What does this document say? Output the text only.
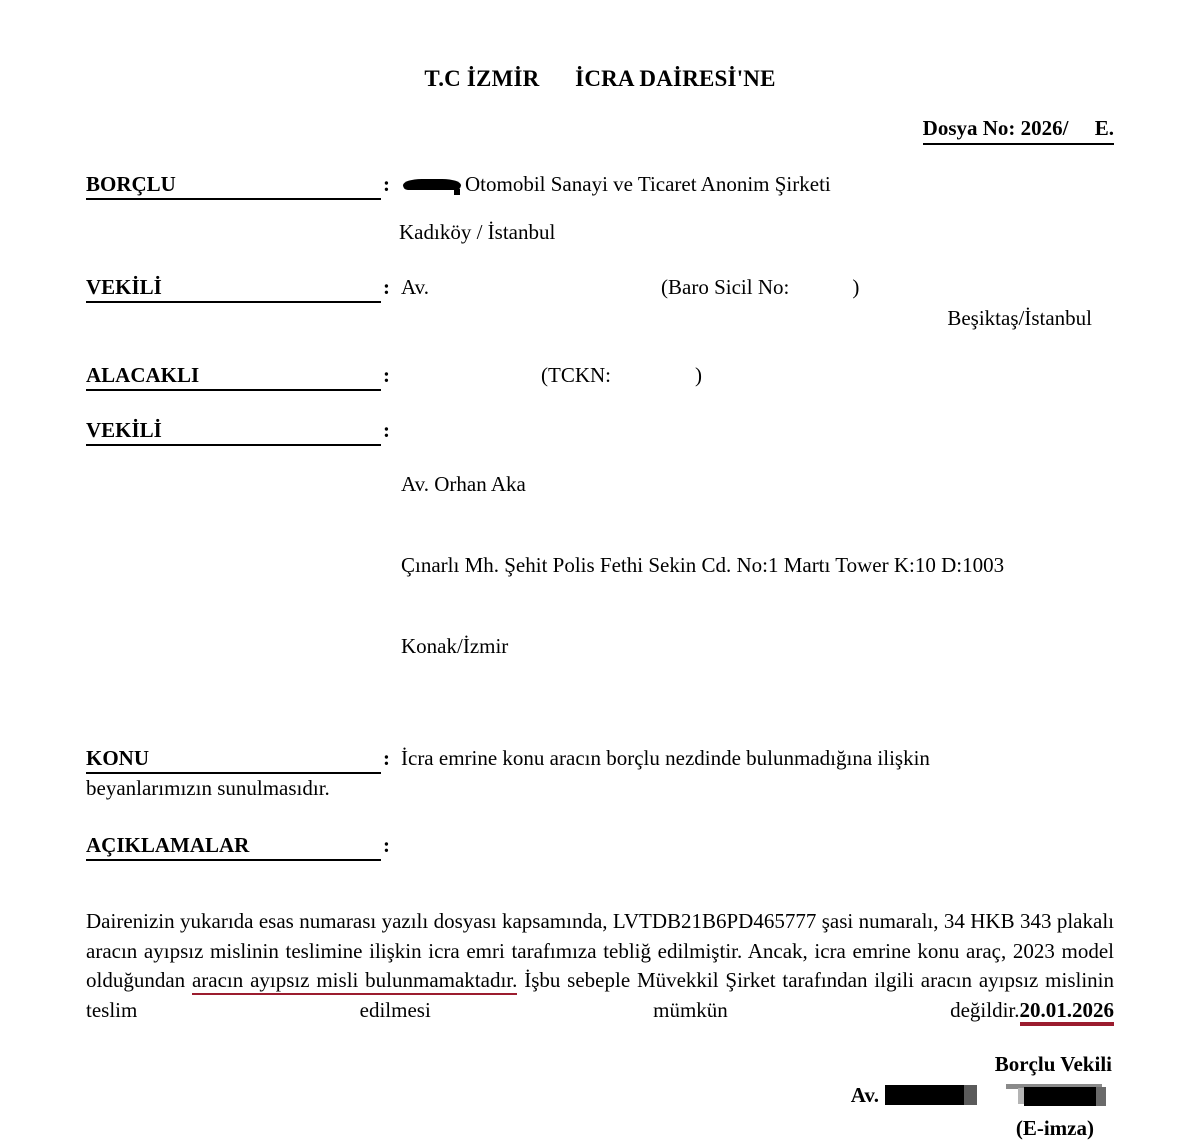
T.C İZMİR      İCRA DAİRESİ'NE
Dosya No: 2026/     E.
BORÇLU	:	Otomobil Sanayi ve Ticaret Anonim Şirketi
Kadıköy / İstanbul
VEKİLİ	: Av.	(Baro Sicil No:            )
Beşiktaş/İstanbul
ALACAKLI	:	(TCKN:                )
VEKİLİ	:

Av. Orhan Aka

Çınarlı Mh. Şehit Polis Fethi Sekin Cd. No:1 Martı Tower K:10 D:1003

Konak/İzmir

KONU	: İcra emrine konu aracın borçlu nezdinde bulunmadığına ilişkin
beyanlarımızın sunulmasıdır.
AÇIKLAMALAR	:
Dairenizin yukarıda esas numarası yazılı dosyası kapsamında, LVTDB21B6PD465777 şasi numaralı, 34 HKB 343 plakalı aracın ayıpsız mislinin teslimine ilişkin icra emri tarafımıza tebliğ edilmiştir. Ancak, icra emrine konu araç, 2023 model olduğundan aracın ayıpsız misli bulunmamaktadır. İşbu sebeple Müvekkil Şirket tarafından ilgili aracın ayıpsız mislinin teslim edilmesi mümkün değildir.20.01.2026
Borçlu Vekili
Av.
(E-imza)
